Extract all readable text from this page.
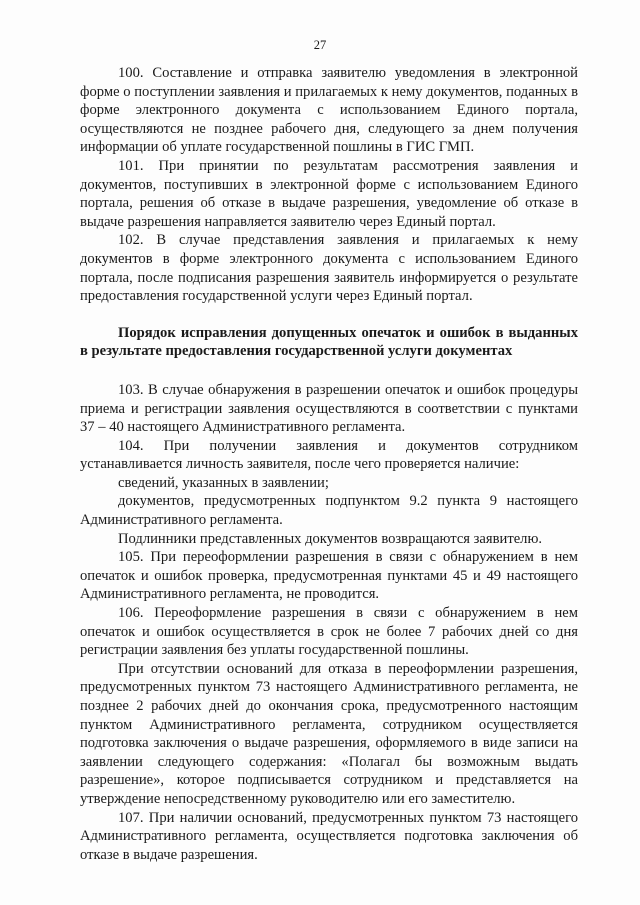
27

100. Составление и отправка заявителю уведомления в электронной форме о поступлении заявления и прилагаемых к нему документов, поданных в форме электронного документа с использованием Единого портала, осуществляются не позднее рабочего дня, следующего за днем получения информации об уплате государственной пошлины в ГИС ГМП.

101. При принятии по результатам рассмотрения заявления и документов, поступивших в электронной форме с использованием Единого портала, решения об отказе в выдаче разрешения, уведомление об отказе в выдаче разрешения направляется заявителю через Единый портал.

102. В случае представления заявления и прилагаемых к нему документов в форме электронного документа с использованием Единого портала, после подписания разрешения заявитель информируется о результате предоставления государственной услуги через Единый портал.

Порядок исправления допущенных опечаток и ошибок в выданных в результате предоставления государственной услуги документах

103. В случае обнаружения в разрешении опечаток и ошибок процедуры приема и регистрации заявления осуществляются в соответствии с пунктами 37 – 40 настоящего Административного регламента.

104. При получении заявления и документов сотрудником устанавливается личность заявителя, после чего проверяется наличие:

сведений, указанных в заявлении;

документов, предусмотренных подпунктом 9.2 пункта 9 настоящего Административного регламента.

Подлинники представленных документов возвращаются заявителю.

105. При переоформлении разрешения в связи с обнаружением в нем опечаток и ошибок проверка, предусмотренная пунктами 45 и 49 настоящего Административного регламента, не проводится.

106. Переоформление разрешения в связи с обнаружением в нем опечаток и ошибок осуществляется в срок не более 7 рабочих дней со дня регистрации заявления без уплаты государственной пошлины.

При отсутствии оснований для отказа в переоформлении разрешения, предусмотренных пунктом 73 настоящего Административного регламента, не позднее 2 рабочих дней до окончания срока, предусмотренного настоящим пунктом Административного регламента, сотрудником осуществляется подготовка заключения о выдаче разрешения, оформляемого в виде записи на заявлении следующего содержания: «Полагал бы возможным выдать разрешение», которое подписывается сотрудником и представляется на утверждение непосредственному руководителю или его заместителю.

107. При наличии оснований, предусмотренных пунктом 73 настоящего Административного регламента, осуществляется подготовка заключения об отказе в выдаче разрешения.
